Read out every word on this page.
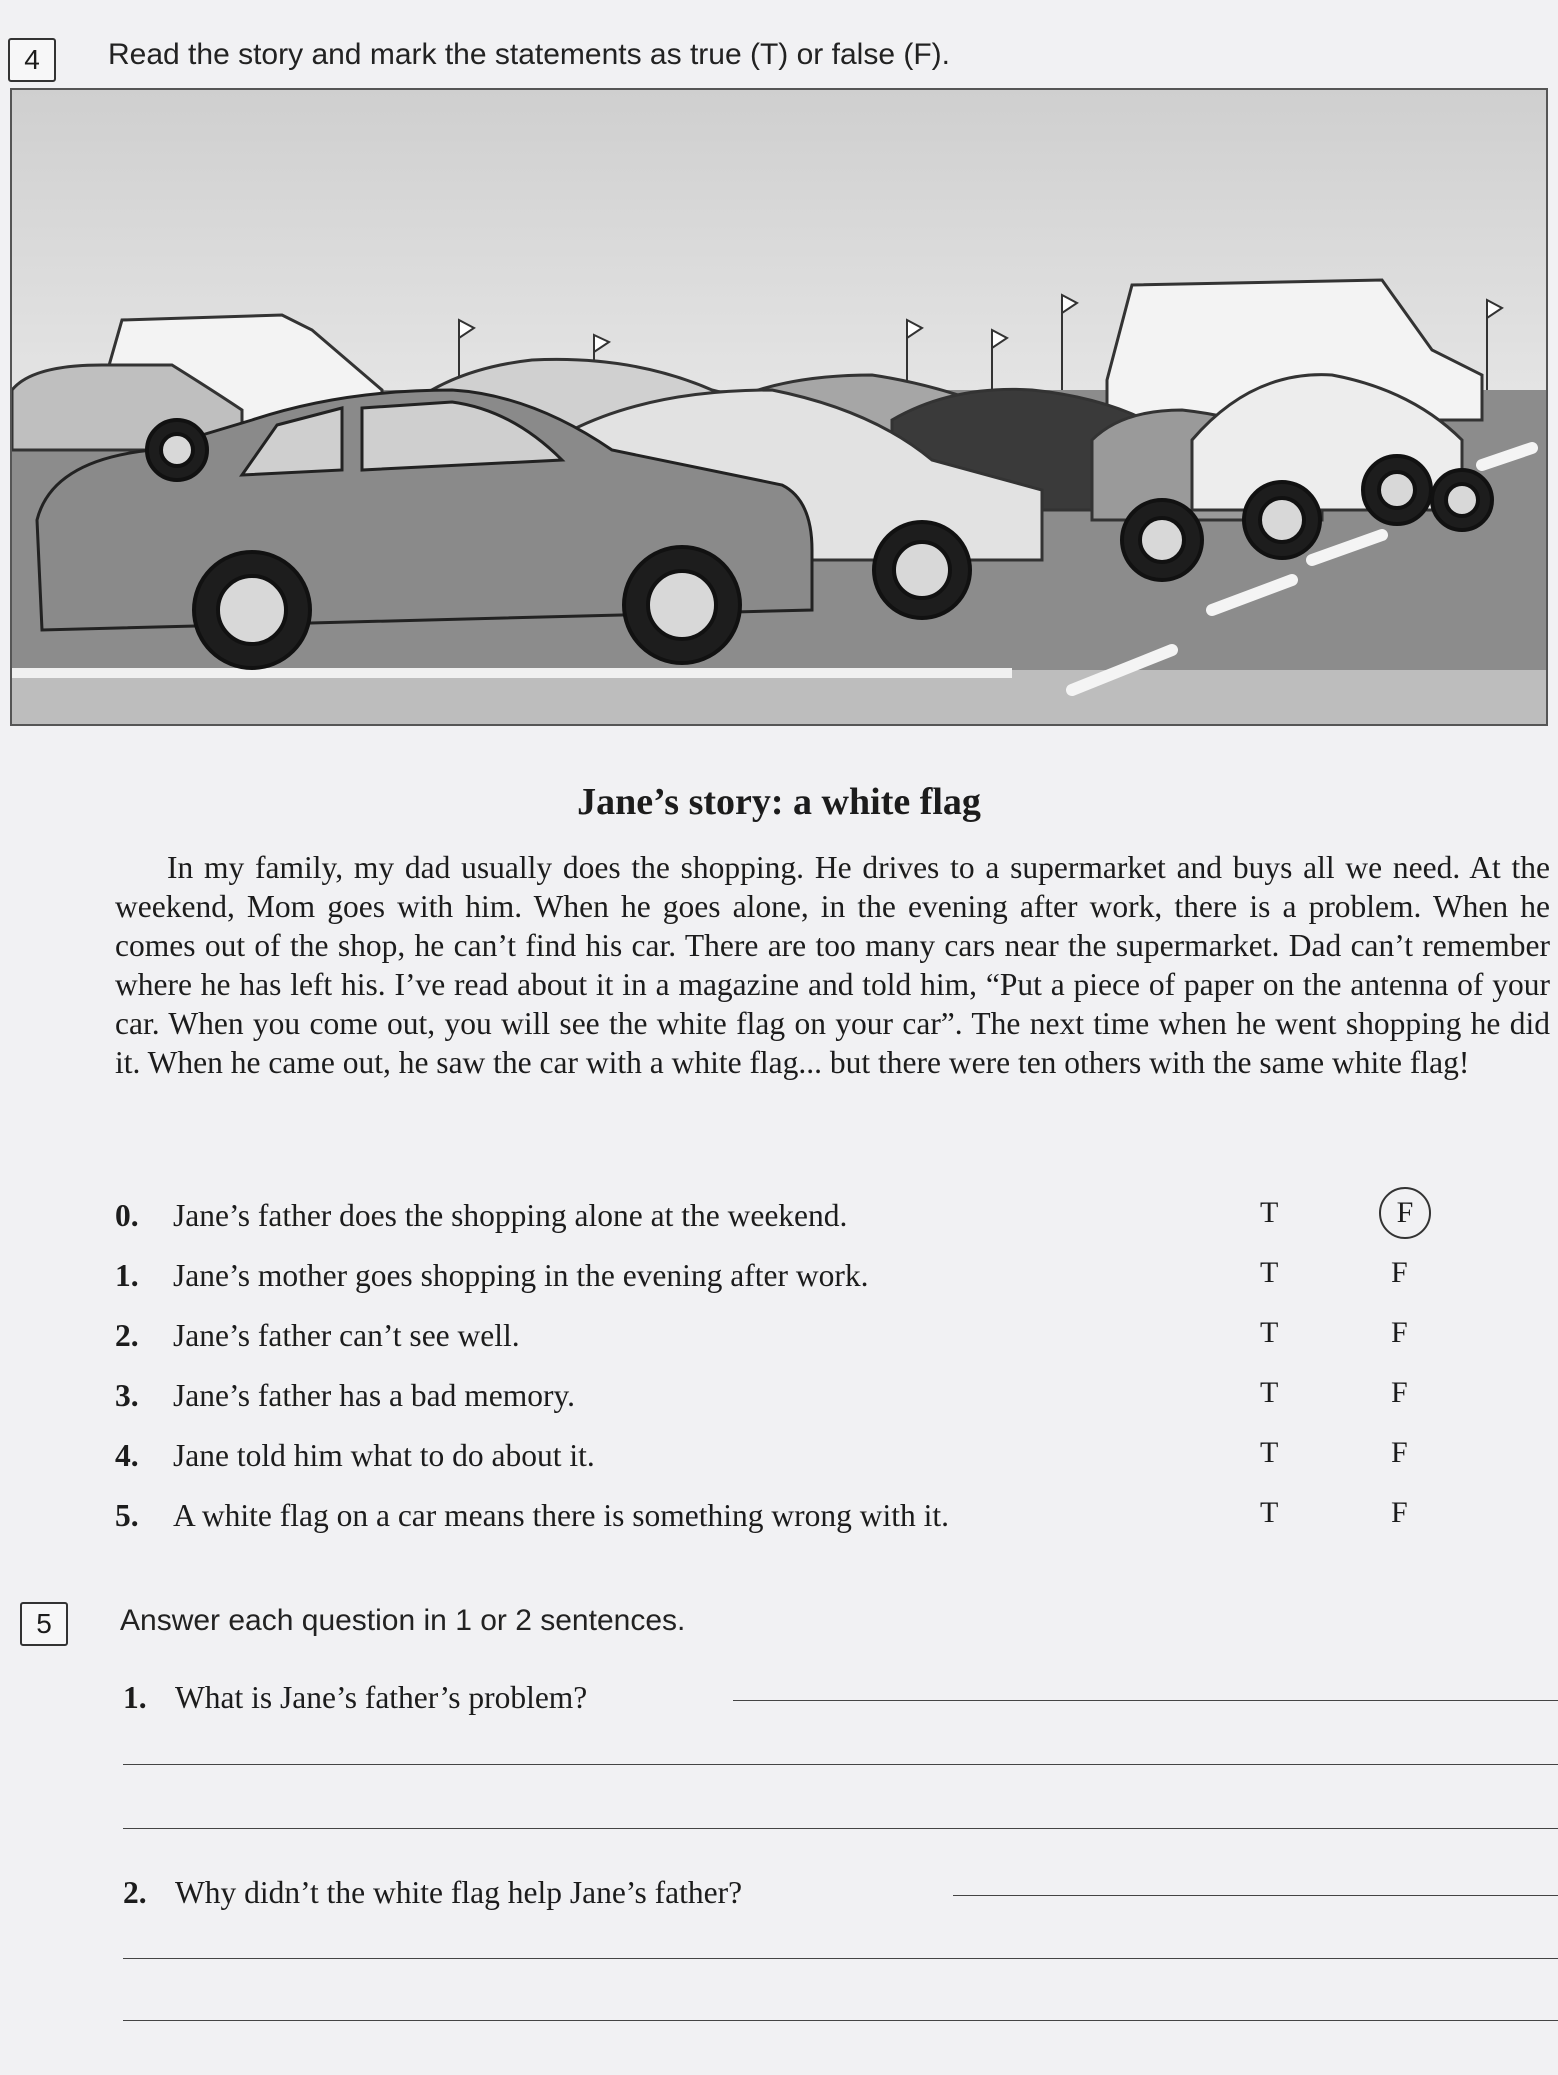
4 Read the story and mark the statements as true (T) or false (F).
Jane’s story: a white flag

In my family, my dad usually does the shopping. He drives to a supermarket and buys all we need. At the weekend, Mom goes with him. When he goes alone, in the evening after work, there is a problem. When he comes out of the shop, he can’t find his car. There are too many cars near the supermarket. Dad can’t remember where he has left his. I’ve read about it in a magazine and told him, “Put a piece of paper on the antenna of your car. When you come out, you will see the white flag on your car”. The next time when he went shopping he did it. When he came out, he saw the car with a white flag... but there were ten others with the same white flag!

0. Jane’s father does the shopping alone at the weekend.	T	F
1. Jane’s mother goes shopping in the evening after work.	T	F
2. Jane’s father can’t see well.	T	F
3. Jane’s father has a bad memory.	T	F
4. Jane told him what to do about it.	T	F
5. A white flag on a car means there is something wrong with it.	T	F
5 Answer each question in 1 or 2 sentences.
1. What is Jane’s father’s problem?
2. Why didn’t the white flag help Jane’s father?
